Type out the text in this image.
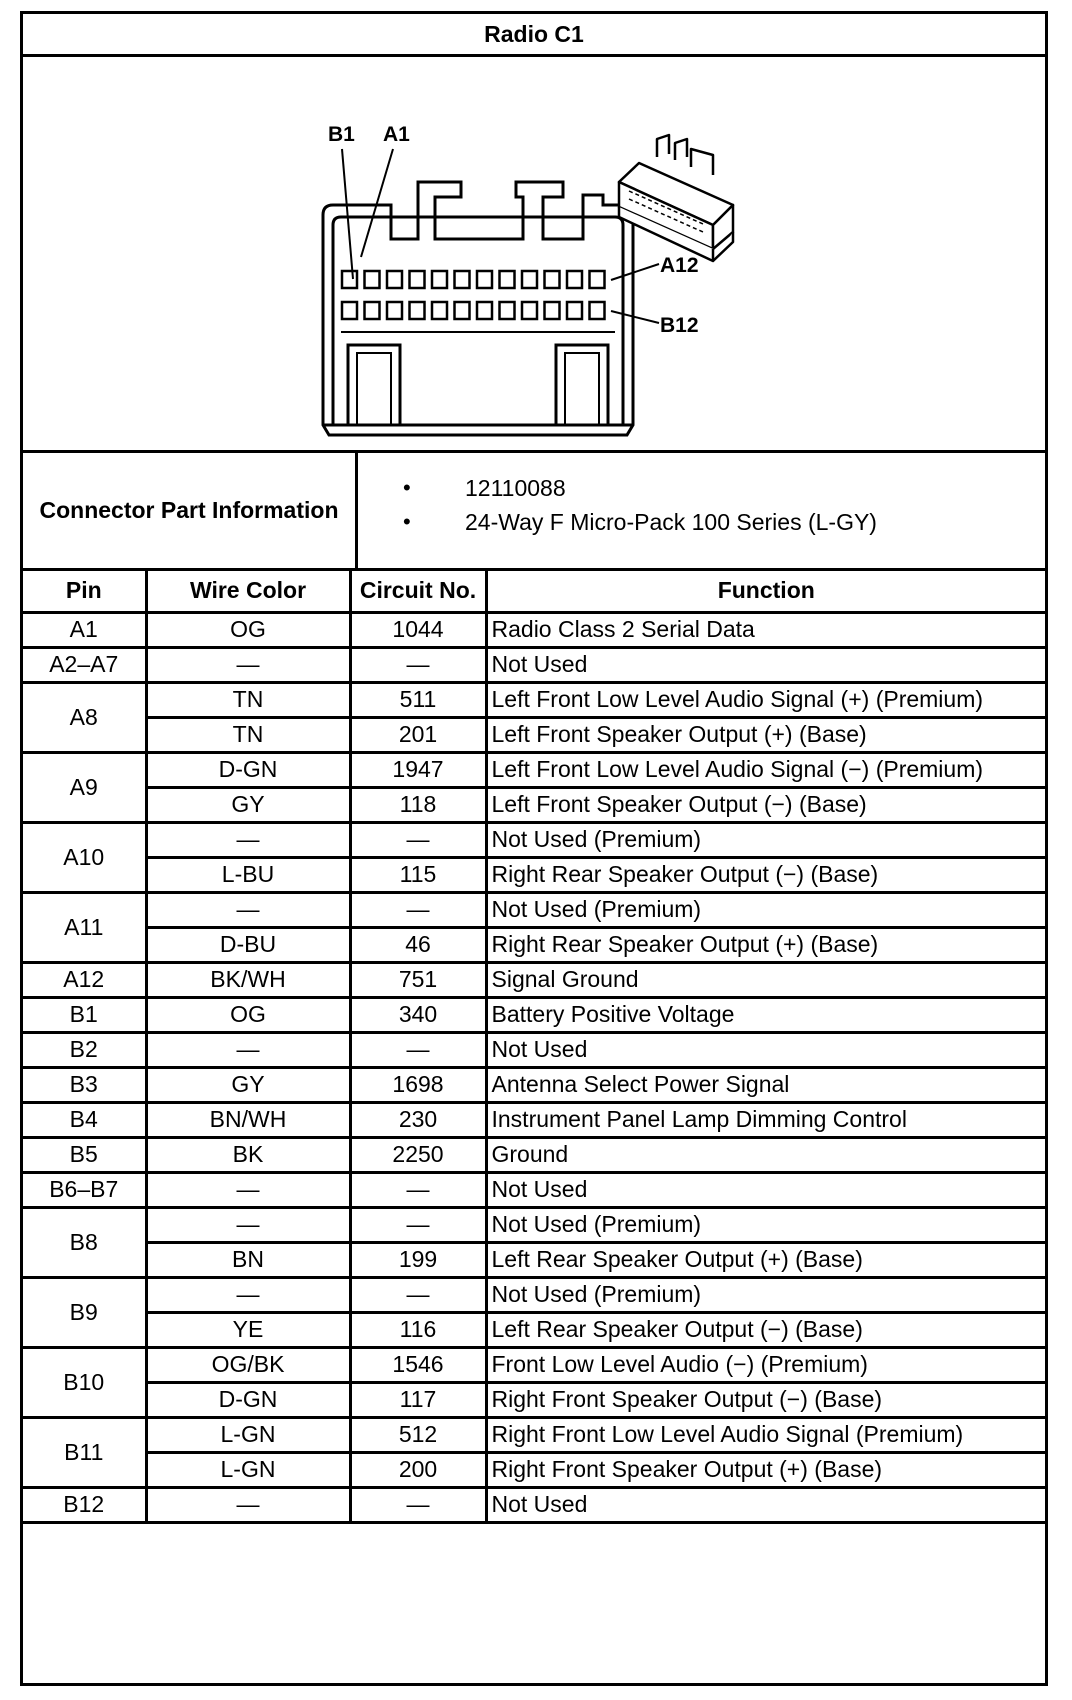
Radio C1
B1 A1
A12
B12
Connector Part Information
• 12110088
• 24-Way F Micro-Pack 100 Series (L-GY)
Pin	Wire Color	Circuit No.	Function
A1	OG	1044	Radio Class 2 Serial Data
A2–A7	—	—	Not Used
A8	TN	511	Left Front Low Level Audio Signal (+) (Premium)
	TN	201	Left Front Speaker Output (+) (Base)
A9	D-GN	1947	Left Front Low Level Audio Signal (−) (Premium)
	GY	118	Left Front Speaker Output (−) (Base)
A10	—	—	Not Used (Premium)
	L-BU	115	Right Rear Speaker Output (−) (Base)
A11	—	—	Not Used (Premium)
	D-BU	46	Right Rear Speaker Output (+) (Base)
A12	BK/WH	751	Signal Ground
B1	OG	340	Battery Positive Voltage
B2	—	—	Not Used
B3	GY	1698	Antenna Select Power Signal
B4	BN/WH	230	Instrument Panel Lamp Dimming Control
B5	BK	2250	Ground
B6–B7	—	—	Not Used
B8	—	—	Not Used (Premium)
	BN	199	Left Rear Speaker Output (+) (Base)
B9	—	—	Not Used (Premium)
	YE	116	Left Rear Speaker Output (−) (Base)
B10	OG/BK	1546	Front Low Level Audio (−) (Premium)
	D-GN	117	Right Front Speaker Output (−) (Base)
B11	L-GN	512	Right Front Low Level Audio Signal (Premium)
	L-GN	200	Right Front Speaker Output (+) (Base)
B12	—	—	Not Used
